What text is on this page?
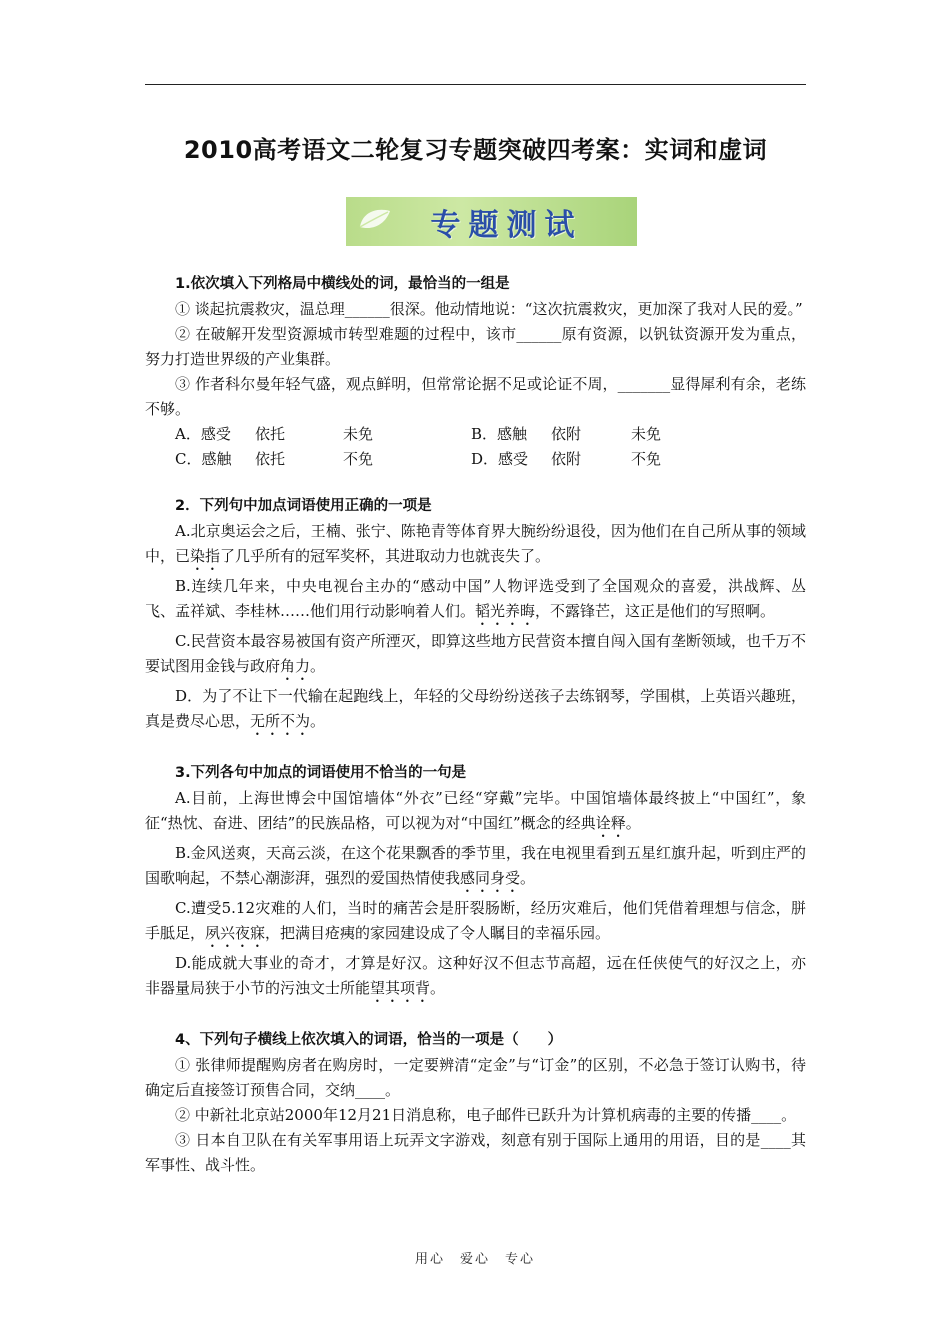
2010高考语文二轮复习专题突破四考案：实词和虚词
专题测试

1.依次填入下列格局中横线处的词，最恰当的一组是

① 谈起抗震救灾，温总理______很深。他动情地说：“这次抗震救灾，更加深了我对人民的爱。”

② 在破解开发型资源城市转型难题的过程中，该市______原有资源，以钒钛资源开发为重点，努力打造世界级的产业集群。

③ 作者科尔曼年轻气盛，观点鲜明，但常常论据不足或论证不周，_______显得犀利有余，老练不够。

A．感受	依托	未免	B．感触	依附	未免
C．感触	依托	不免	D．感受	依附	不免

2．下列句中加点词语使用正确的一项是

A.北京奥运会之后，王楠、张宁、陈艳青等体育界大腕纷纷退役，因为他们在自己所从事的领域中，已染指了几乎所有的冠军奖杯，其进取动力也就丧失了。

B.连续几年来，中央电视台主办的“感动中国”人物评选受到了全国观众的喜爱，洪战辉、丛飞、孟祥斌、李桂林……他们用行动影响着人们。韬光养晦，不露锋芒，这正是他们的写照啊。

C.民营资本最容易被国有资产所湮灭，即算这些地方民营资本擅自闯入国有垄断领域，也千万不要试图用金钱与政府角力。

D．为了不让下一代输在起跑线上，年轻的父母纷纷送孩子去练钢琴，学围棋，上英语兴趣班，真是费尽心思，无所不为。

3.下列各句中加点的词语使用不恰当的一句是

A.目前，上海世博会中国馆墙体“外衣”已经“穿戴”完毕。中国馆墙体最终披上“中国红”，象征“热忱、奋进、团结”的民族品格，可以视为对“中国红”概念的经典诠释。

B.金风送爽，天高云淡，在这个花果飘香的季节里，我在电视里看到五星红旗升起，听到庄严的国歌响起，不禁心潮澎湃，强烈的爱国热情使我感同身受。

C.遭受5.12灾难的人们，当时的痛苦会是肝裂肠断，经历灾难后，他们凭借着理想与信念，胼手胝足，夙兴夜寐，把满目疮痍的家园建设成了令人瞩目的幸福乐园。

D.能成就大事业的奇才，才算是好汉。这种好汉不但志节高超，远在任侠使气的好汉之上，亦非器量局狭于小节的污浊文士所能望其项背。

4、下列句子横线上依次填入的词语，恰当的一项是（　　）

① 张律师提醒购房者在购房时，一定要辨清“定金”与“订金”的区别，不必急于签订认购书，待确定后直接签订预售合同，交纳____。

② 中新社北京站2000年12月21日消息称，电子邮件已跃升为计算机病毒的主要的传播____。

③ 日本自卫队在有关军事用语上玩弄文字游戏，刻意有别于国际上通用的用语，目的是____其军事性、战斗性。

用心　爱心　专心
